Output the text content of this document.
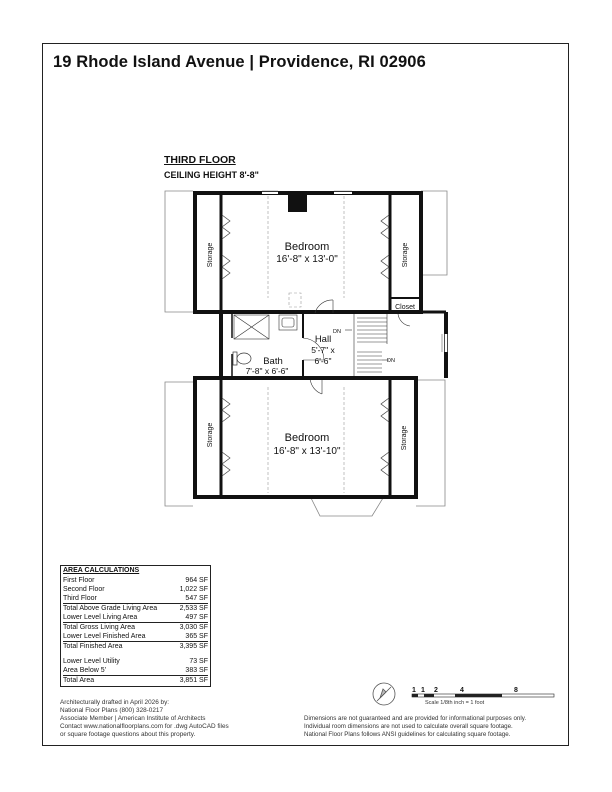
19 Rhode Island Avenue | Providence, RI 02906
THIRD FLOOR
CEILING HEIGHT 8'-8"
Bedroom
16'-8" x 13'-0"
Bedroom
16'-8" x 13'-10"
Hall
5'-7" x
6'-6"
Bath
7'-8" x 6'-6"
Closet
DN
DN
Storage	Storage
Storage	Storage
1 1 2	4	8
Scale 1/8th inch = 1 foot
AREA CALCULATIONS
First Floor	964 SF
Second Floor	1,022 SF
Third Floor	547 SF
Total Above Grade Living Area	2,533 SF
Lower Level Living Area	497 SF
Total Gross Living Area	3,030 SF
Lower Level Finished Area	365 SF
Total Finished Area	3,395 SF
Lower Level Utility	73 SF
Area Below 5'	383 SF
Total Area	3,851 SF
Architecturally drafted in April 2026 by:
National Floor Plans (800) 328-0217
Associate Member | American Institute of Architects
Contact www.nationalfloorplans.com for .dwg AutoCAD files
or square footage questions about this property.
Dimensions are not guaranteed and are provided for informational purposes only.
Individual room dimensions are not used to calculate overall square footage.
National Floor Plans follows ANSI guidelines for calculating square footage.
